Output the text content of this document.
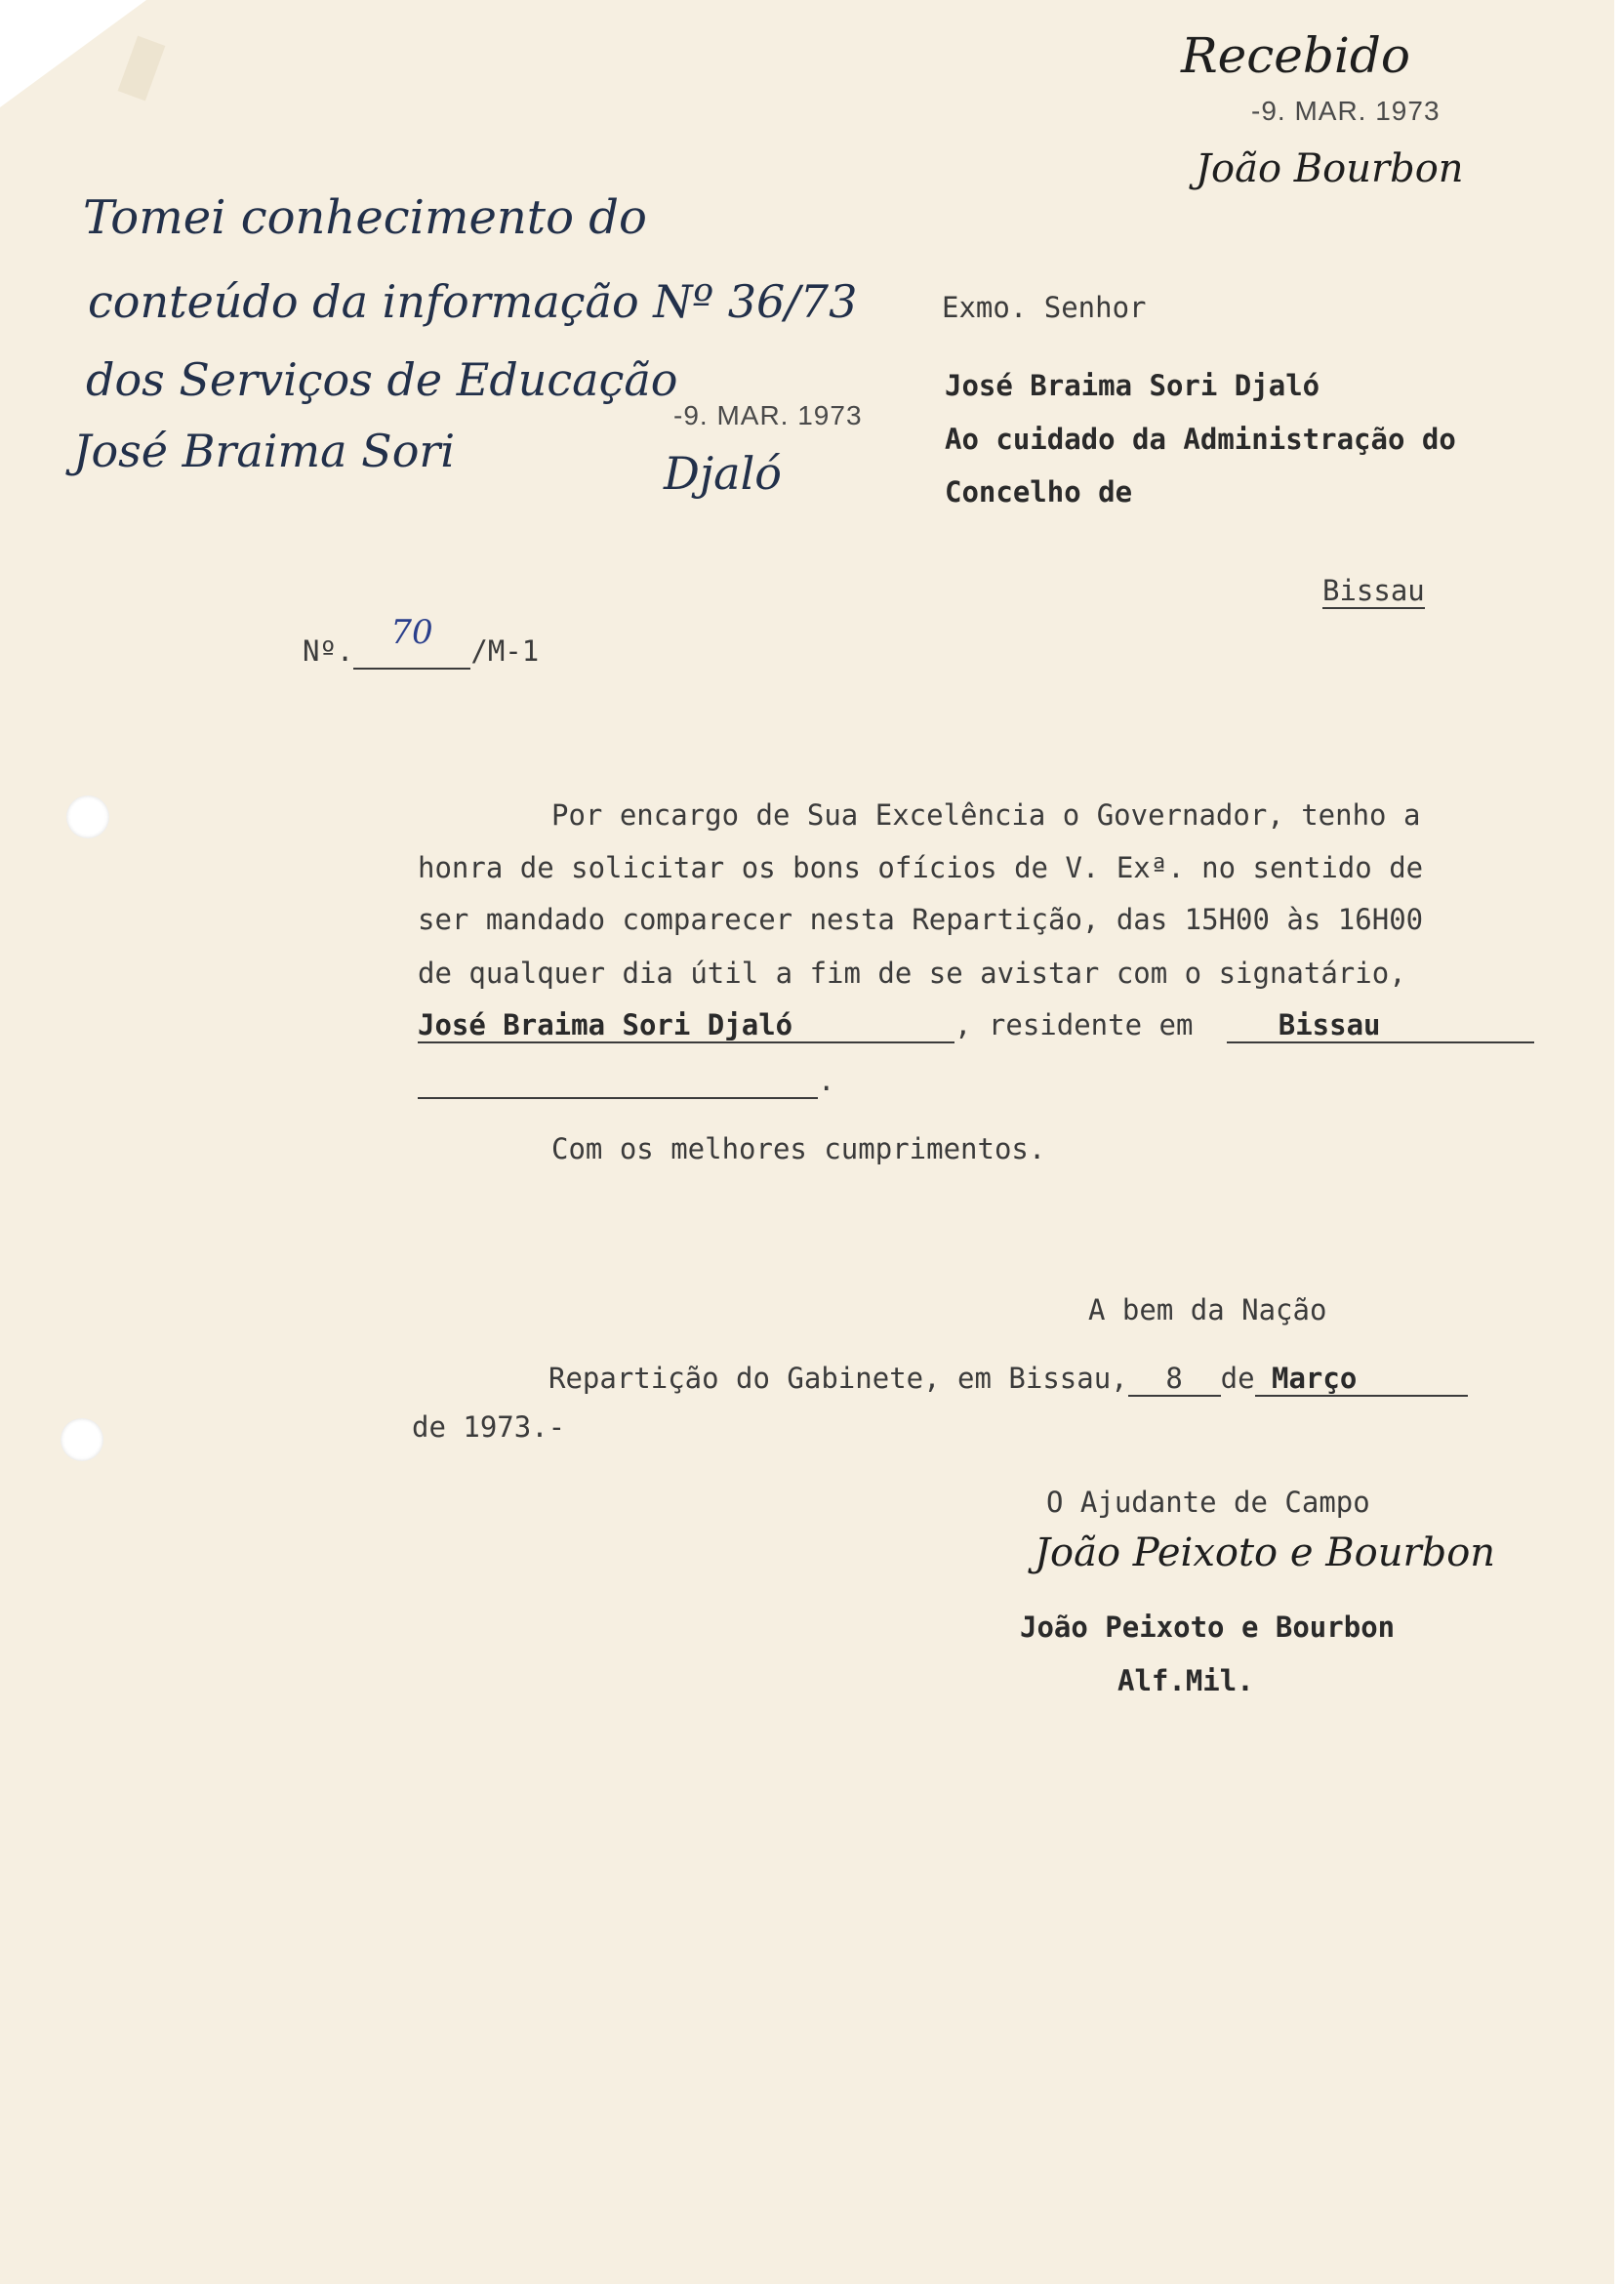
Tomei conhecimento do
conteúdo da informação Nº 36/73
dos Serviços de Educação
José Braima Sori	Djaló
-9. MAR. 1973
Recebido
-9. MAR. 1973
João Bourbon
Exmo. Senhor
José Braima Sori Djaló
Ao cuidado da Administração do
Concelho de
Bissau
Nº. 70 /M-1
Por encargo de Sua Excelência o Governador, tenho a
honra de solicitar os bons ofícios de V. Exª. no sentido de
ser mandado comparecer nesta Repartição, das 15H00 às 16H00
de qualquer dia útil a fim de se avistar com o signatário,
José Braima Sori Djaló	, residente em	Bissau
.
Com os melhores cumprimentos.
A bem da Nação
Repartição do Gabinete, em Bissau, 8 de Março
de 1973.-
O Ajudante de Campo
João Peixoto e Bourbon
João Peixoto e Bourbon
Alf.Mil.
